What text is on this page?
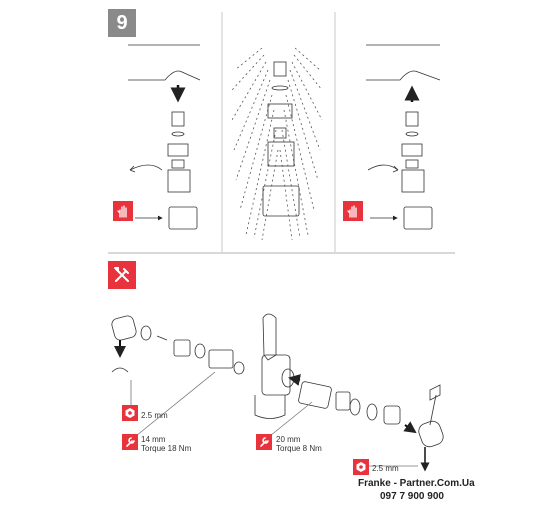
9
2.5 mm
14 mm
Torque 18 Nm
20 mm
Torque 8 Nm
2.5 mm
Franke - Partner.Com.Ua
097 7 900 900
